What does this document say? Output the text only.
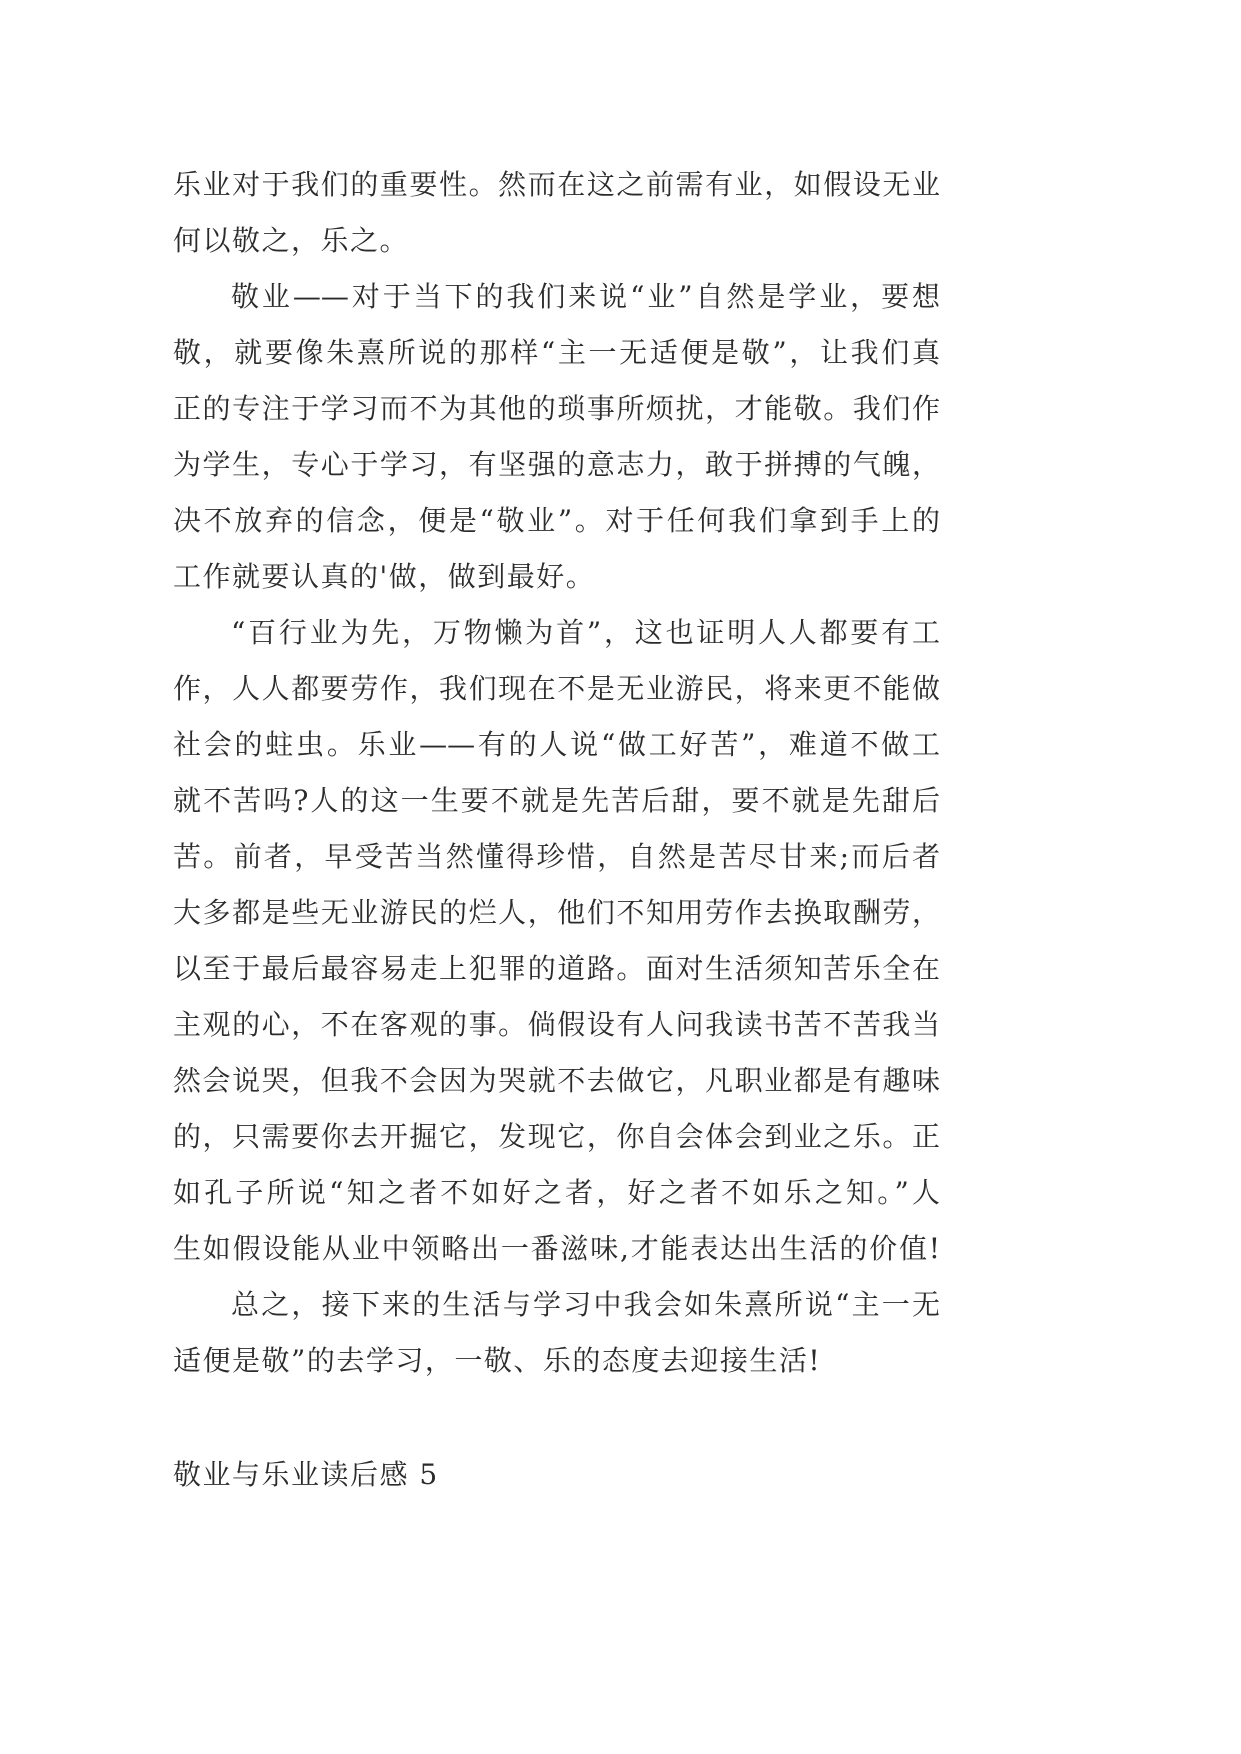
乐业对于我们的重要性。然而在这之前需有业，如假设无业
何以敬之，乐之。
敬业——对于当下的我们来说“业”自然是学业，要想
敬，就要像朱熹所说的那样“主一无适便是敬”，让我们真
正的专注于学习而不为其他的琐事所烦扰，才能敬。我们作
为学生，专心于学习，有坚强的意志力，敢于拼搏的气魄，
决不放弃的信念，便是“敬业”。对于任何我们拿到手上的
工作就要认真的'做，做到最好。
“百行业为先，万物懒为首”，这也证明人人都要有工
作，人人都要劳作，我们现在不是无业游民，将来更不能做
社会的蛀虫。乐业——有的人说“做工好苦”，难道不做工
就不苦吗?人的这一生要不就是先苦后甜，要不就是先甜后
苦。前者，早受苦当然懂得珍惜，自然是苦尽甘来;而后者
大多都是些无业游民的烂人，他们不知用劳作去换取酬劳，
以至于最后最容易走上犯罪的道路。面对生活须知苦乐全在
主观的心，不在客观的事。倘假设有人问我读书苦不苦我当
然会说哭，但我不会因为哭就不去做它，凡职业都是有趣味
的，只需要你去开掘它，发现它，你自会体会到业之乐。正
如孔子所说“知之者不如好之者，好之者不如乐之知。”人
生如假设能从业中领略出一番滋味,才能表达出生活的价值!
总之，接下来的生活与学习中我会如朱熹所说“主一无
适便是敬”的去学习，一敬、乐的态度去迎接生活!
敬业与乐业读后感 5
